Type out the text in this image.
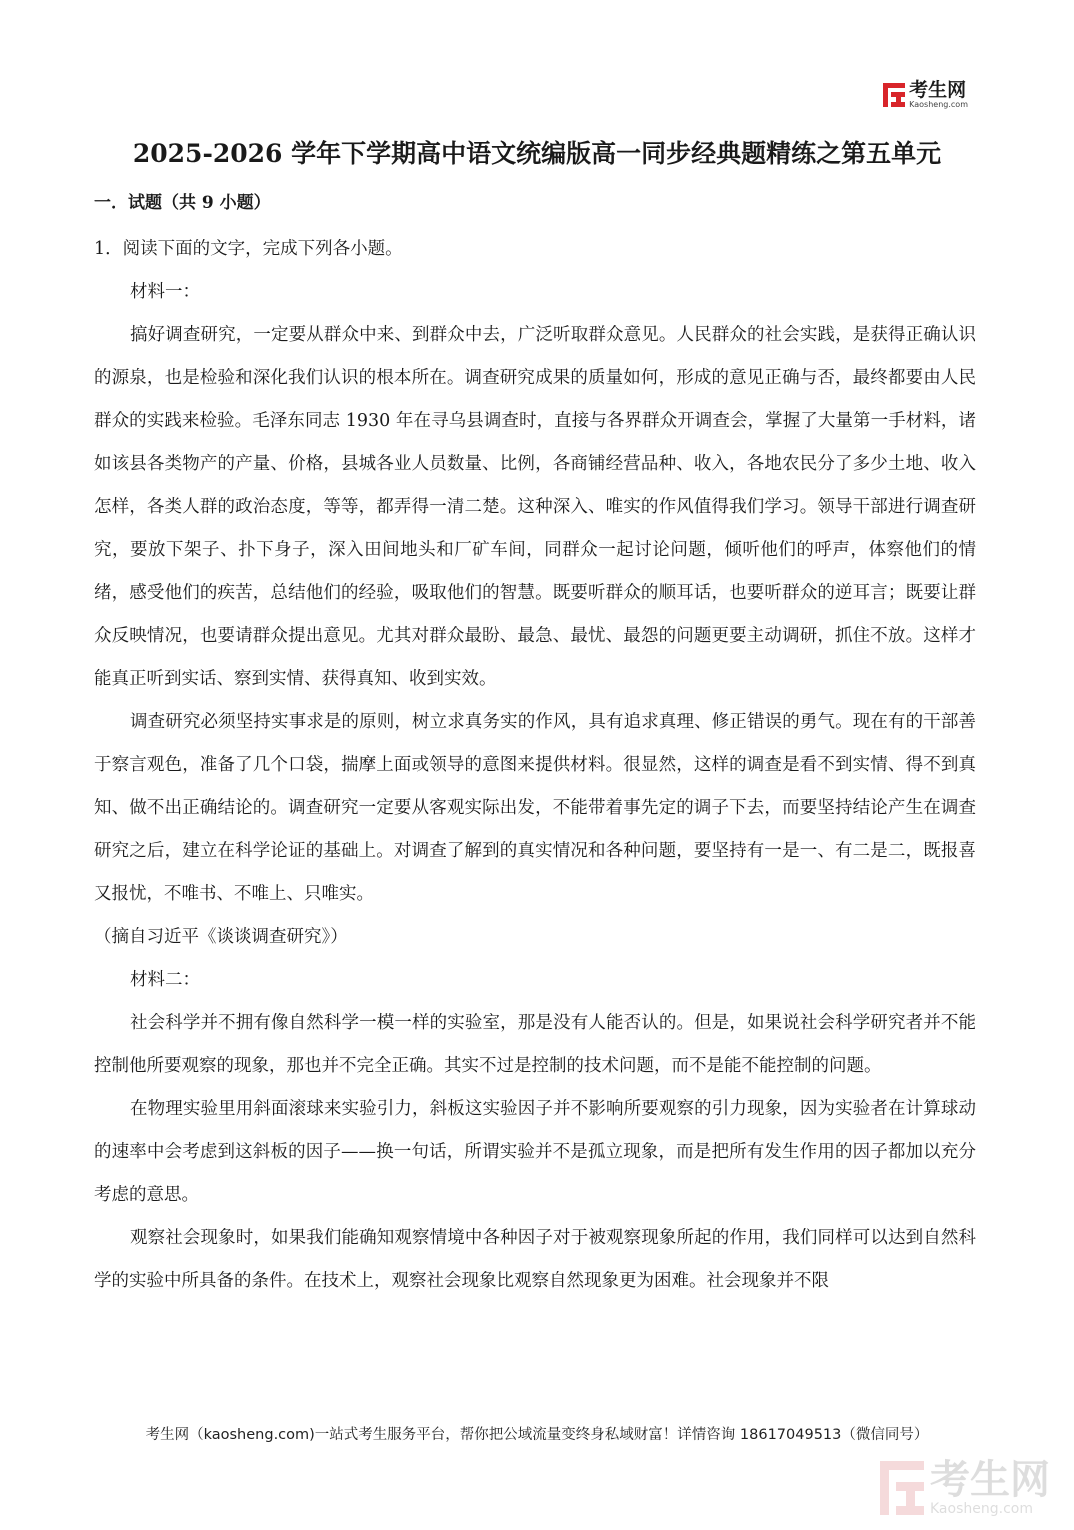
考生网
Kaosheng.com
2025-2026 学年下学期高中语文统编版高一同步经典题精练之第五单元
一．试题（共 9 小题）

1．阅读下面的文字，完成下列各小题。

材料一：

搞好调查研究，一定要从群众中来、到群众中去，广泛听取群众意见。人民群众的社会实践，是获得正确认识的源泉，也是检验和深化我们认识的根本所在。调查研究成果的质量如何，形成的意见正确与否，最终都要由人民群众的实践来检验。毛泽东同志 1930 年在寻乌县调查时，直接与各界群众开调查会，掌握了大量第一手材料，诸如该县各类物产的产量、价格，县城各业人员数量、比例，各商铺经营品种、收入，各地农民分了多少土地、收入怎样，各类人群的政治态度，等等，都弄得一清二楚。这种深入、唯实的作风值得我们学习。领导干部进行调查研究，要放下架子、扑下身子，深入田间地头和厂矿车间，同群众一起讨论问题，倾听他们的呼声，体察他们的情绪，感受他们的疾苦，总结他们的经验，吸取他们的智慧。既要听群众的顺耳话，也要听群众的逆耳言；既要让群众反映情况，也要请群众提出意见。尤其对群众最盼、最急、最忧、最怨的问题更要主动调研，抓住不放。这样才能真正听到实话、察到实情、获得真知、收到实效。

调查研究必须坚持实事求是的原则，树立求真务实的作风，具有追求真理、修正错误的勇气。现在有的干部善于察言观色，准备了几个口袋，揣摩上面或领导的意图来提供材料。很显然，这样的调查是看不到实情、得不到真知、做不出正确结论的。调查研究一定要从客观实际出发，不能带着事先定的调子下去，而要坚持结论产生在调查研究之后，建立在科学论证的基础上。对调查了解到的真实情况和各种问题，要坚持有一是一、有二是二，既报喜又报忧，不唯书、不唯上、只唯实。

（摘自习近平《谈谈调查研究》）

材料二：

社会科学并不拥有像自然科学一模一样的实验室，那是没有人能否认的。但是，如果说社会科学研究者并不能控制他所要观察的现象，那也并不完全正确。其实不过是控制的技术问题，而不是能不能控制的问题。

在物理实验里用斜面滚球来实验引力，斜板这实验因子并不影响所要观察的引力现象，因为实验者在计算球动的速率中会考虑到这斜板的因子——换一句话，所谓实验并不是孤立现象，而是把所有发生作用的因子都加以充分考虑的意思。

观察社会现象时，如果我们能确知观察情境中各种因子对于被观察现象所起的作用，我们同样可以达到自然科学的实验中所具备的条件。在技术上，观察社会现象比观察自然现象更为困难。社会现象并不限

考生网（kaosheng.com)一站式考生服务平台，帮你把公域流量变终身私域财富！详情咨询 18617049513（微信同号）
考生网
Kaosheng.com
